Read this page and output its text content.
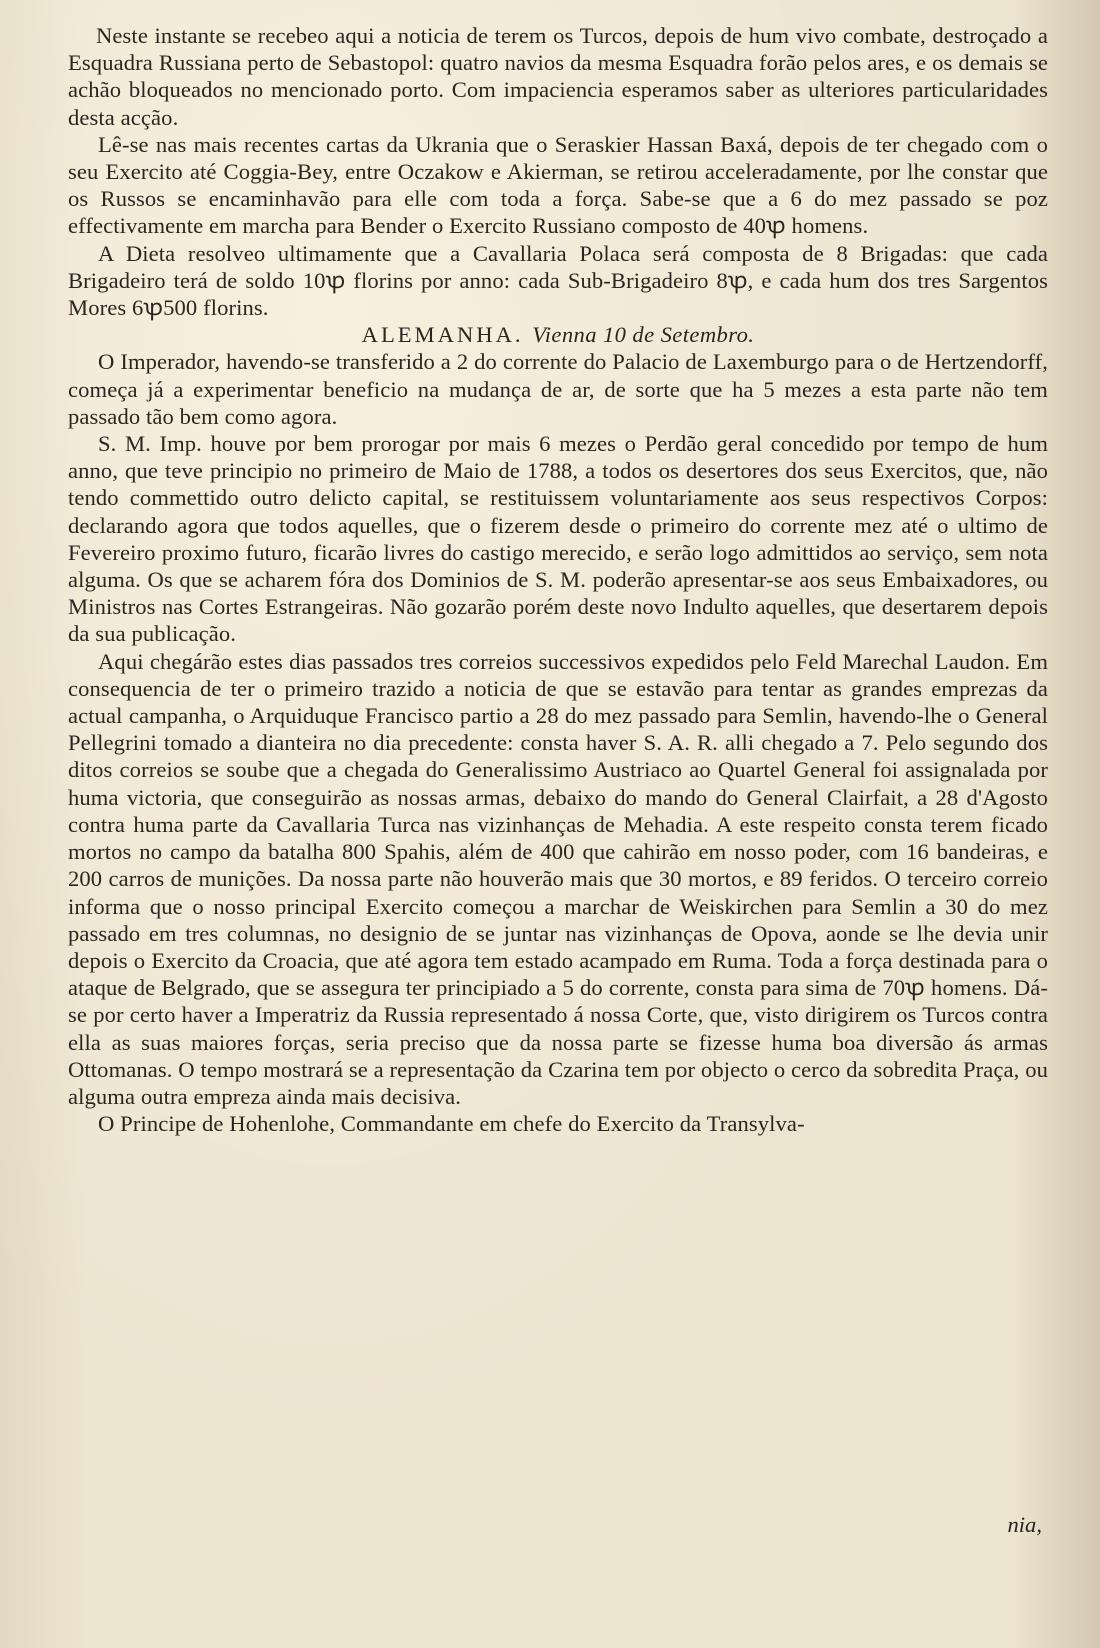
Neste instante se recebeo aqui a noticia de terem os Turcos, depois de hum vivo combate, destroçado a Esquadra Russiana perto de Sebastopol: quatro navios da mesma Esquadra forão pelos ares, e os demais se achão bloqueados no mencionado porto. Com impaciencia esperamos saber as ulteriores particularidades desta acção.

Lê-se nas mais recentes cartas da Ukrania que o Seraskier Hassan Baxá, depois de ter chegado com o seu Exercito até Coggia-Bey, entre Oczakow e Akierman, se retirou acceleradamente, por lhe constar que os Russos se encaminhavão para elle com toda a força. Sabe-se que a 6 do mez passado se poz effectivamente em marcha para Bender o Exercito Russiano composto de 40ꝕ homens.

A Dieta resolveo ultimamente que a Cavallaria Polaca será composta de 8 Brigadas: que cada Brigadeiro terá de soldo 10ꝕ florins por anno: cada Sub-Brigadeiro 8ꝕ, e cada hum dos tres Sargentos Mores 6ꝕ500 florins.

ALEMANHA. Vienna 10 de Setembro.

O Imperador, havendo-se transferido a 2 do corrente do Palacio de Laxemburgo para o de Hertzendorff, começa já a experimentar beneficio na mudança de ar, de sorte que ha 5 mezes a esta parte não tem passado tão bem como agora.

S. M. Imp. houve por bem prorogar por mais 6 mezes o Perdão geral concedido por tempo de hum anno, que teve principio no primeiro de Maio de 1788, a todos os desertores dos seus Exercitos, que, não tendo commettido outro delicto capital, se restituissem voluntariamente aos seus respectivos Corpos: declarando agora que todos aquelles, que o fizerem desde o primeiro do corrente mez até o ultimo de Fevereiro proximo futuro, ficarão livres do castigo merecido, e serão logo admittidos ao serviço, sem nota alguma. Os que se acharem fóra dos Dominios de S. M. poderão apresentar-se aos seus Embaixadores, ou Ministros nas Cortes Estrangeiras. Não gozarão porém deste novo Indulto aquelles, que desertarem depois da sua publicação.

Aqui chegárão estes dias passados tres correios successivos expedidos pelo Feld Marechal Laudon. Em consequencia de ter o primeiro trazido a noticia de que se estavão para tentar as grandes emprezas da actual campanha, o Arquiduque Francisco partio a 28 do mez passado para Semlin, havendo-lhe o General Pellegrini tomado a dianteira no dia precedente: consta haver S. A. R. alli chegado a 7. Pelo segundo dos ditos correios se soube que a chegada do Generalissimo Austriaco ao Quartel General foi assignalada por huma victoria, que conseguirão as nossas armas, debaixo do mando do General Clairfait, a 28 d'Agosto contra huma parte da Cavallaria Turca nas vizinhanças de Mehadia. A este respeito consta terem ficado mortos no campo da batalha 800 Spahis, além de 400 que cahirão em nosso poder, com 16 bandeiras, e 200 carros de munições. Da nossa parte não houverão mais que 30 mortos, e 89 feridos. O terceiro correio informa que o nosso principal Exercito começou a marchar de Weiskirchen para Semlin a 30 do mez passado em tres columnas, no designio de se juntar nas vizinhanças de Opova, aonde se lhe devia unir depois o Exercito da Croacia, que até agora tem estado acampado em Ruma. Toda a força destinada para o ataque de Belgrado, que se assegura ter principiado a 5 do corrente, consta para sima de 70ꝕ homens. Dá-se por certo haver a Imperatriz da Russia representado á nossa Corte, que, visto dirigirem os Turcos contra ella as suas maiores forças, seria preciso que da nossa parte se fizesse huma boa diversão ás armas Ottomanas. O tempo mostrará se a representação da Czarina tem por objecto o cerco da sobredita Praça, ou alguma outra empreza ainda mais decisiva.

O Principe de Hohenlohe, Commandante em chefe do Exercito da Transylva-

nia,
